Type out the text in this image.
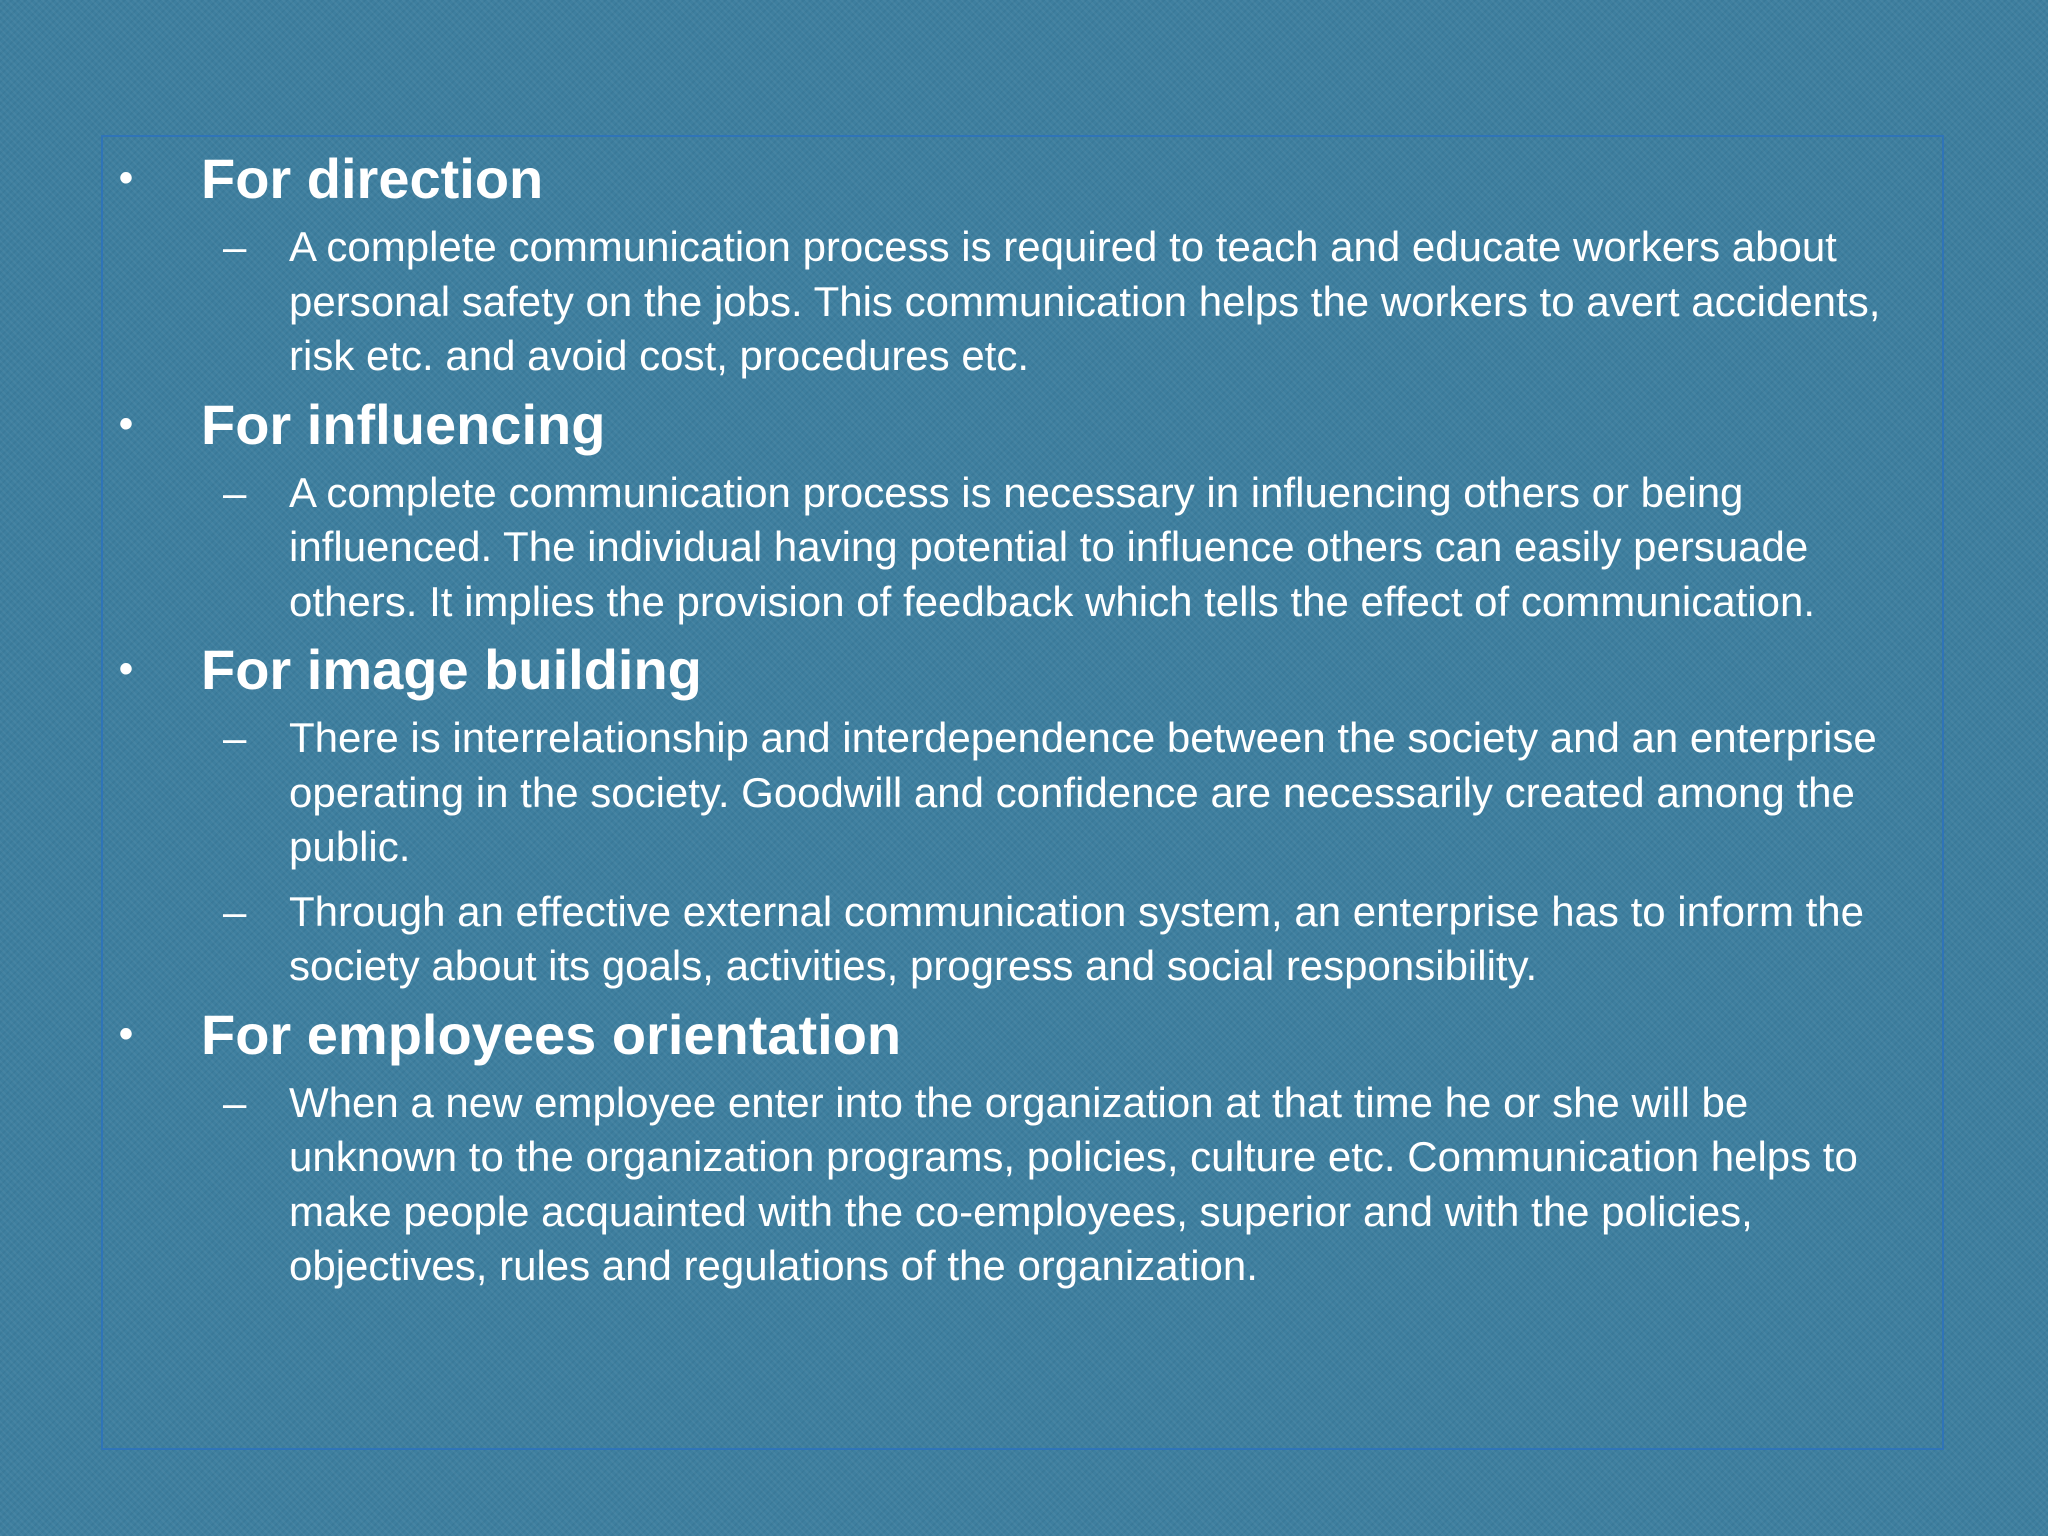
• For direction
– A complete communication process is required to teach and educate workers about personal safety on the jobs. This communication helps the workers to avert accidents, risk etc. and avoid cost, procedures etc.
• For influencing
– A complete communication process is necessary in influencing others or being influenced. The individual having potential to influence others can easily persuade others. It implies the provision of feedback which tells the effect of communication.
• For image building
– There is interrelationship and interdependence between the society and an enterprise operating in the society. Goodwill and confidence are necessarily created among the public.
– Through an effective external communication system, an enterprise has to inform the society about its goals, activities, progress and social responsibility.
• For employees orientation
– When a new employee enter into the organization at that time he or she will be unknown to the organization programs, policies, culture etc. Communication helps to make people acquainted with the co-employees, superior and with the policies, objectives, rules and regulations of the organization.
